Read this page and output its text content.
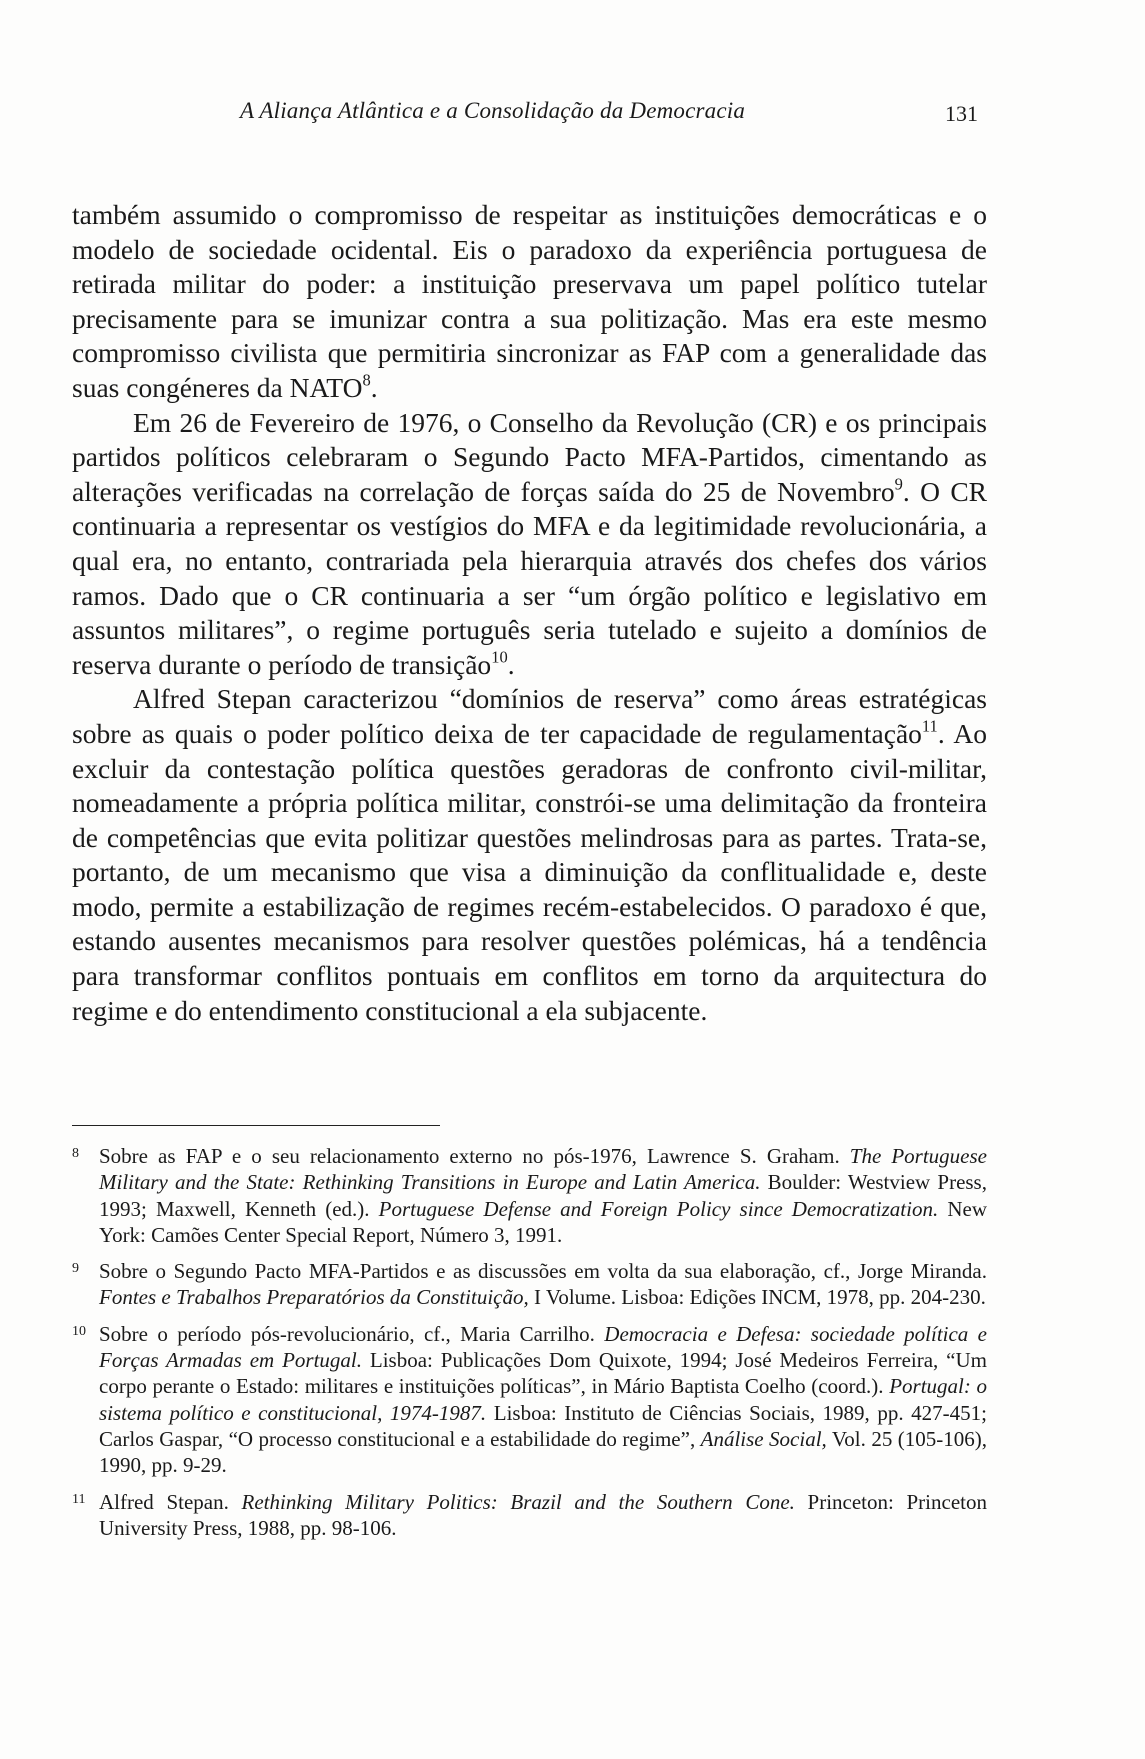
A Aliança Atlântica e a Consolidação da Democracia	131

também assumido o compromisso de respeitar as instituições democráticas e o modelo de sociedade ocidental. Eis o paradoxo da experiência portuguesa de retirada militar do poder: a instituição preservava um papel político tutelar precisamente para se imunizar contra a sua politização. Mas era este mesmo compromisso civilista que permitiria sincronizar as FAP com a generalidade das suas congéneres da NATO$^8$.

Em 26 de Fevereiro de 1976, o Conselho da Revolução (CR) e os principais partidos políticos celebraram o Segundo Pacto MFA-Partidos, cimentando as alterações verificadas na correlação de forças saída do 25 de Novembro$^9$. O CR continuaria a representar os vestígios do MFA e da legitimidade revolucionária, a qual era, no entanto, contrariada pela hierarquia através dos chefes dos vários ramos. Dado que o CR continuaria a ser “um órgão político e legislativo em assuntos militares”, o regime português seria tutelado e sujeito a domínios de reserva durante o período de transição$^{10}$.

Alfred Stepan caracterizou “domínios de reserva” como áreas estratégicas sobre as quais o poder político deixa de ter capacidade de regulamentação$^{11}$. Ao excluir da contestação política questões geradoras de confronto civil-militar, nomeadamente a própria política militar, constrói-se uma delimitação da fronteira de competências que evita politizar questões melindrosas para as partes. Trata-se, portanto, de um mecanismo que visa a diminuição da conflitualidade e, deste modo, permite a estabilização de regimes recém-estabelecidos. O paradoxo é que, estando ausentes mecanismos para resolver questões polémicas, há a tendência para transformar conflitos pontuais em conflitos em torno da arquitectura do regime e do entendimento constitucional a ela subjacente.

8 Sobre as FAP e o seu relacionamento externo no pós-1976, Lawrence S. Graham. The Portuguese Military and the State: Rethinking Transitions in Europe and Latin America. Boulder: Westview Press, 1993; Maxwell, Kenneth (ed.). Portuguese Defense and Foreign Policy since Democratization. New York: Camões Center Special Report, Número 3, 1991.
9 Sobre o Segundo Pacto MFA-Partidos e as discussões em volta da sua elaboração, cf., Jorge Miranda. Fontes e Trabalhos Preparatórios da Constituição, I Volume. Lisboa: Edições INCM, 1978, pp. 204-230.
10 Sobre o período pós-revolucionário, cf., Maria Carrilho. Democracia e Defesa: sociedade política e Forças Armadas em Portugal. Lisboa: Publicações Dom Quixote, 1994; José Medeiros Ferreira, “Um corpo perante o Estado: militares e instituições políticas”, in Mário Baptista Coelho (coord.). Portugal: o sistema político e constitucional, 1974-1987. Lisboa: Instituto de Ciências Sociais, 1989, pp. 427-451; Carlos Gaspar, “O processo constitucional e a estabilidade do regime”, Análise Social, Vol. 25 (105-106), 1990, pp. 9-29.
11 Alfred Stepan. Rethinking Military Politics: Brazil and the Southern Cone. Princeton: Princeton University Press, 1988, pp. 98-106.
